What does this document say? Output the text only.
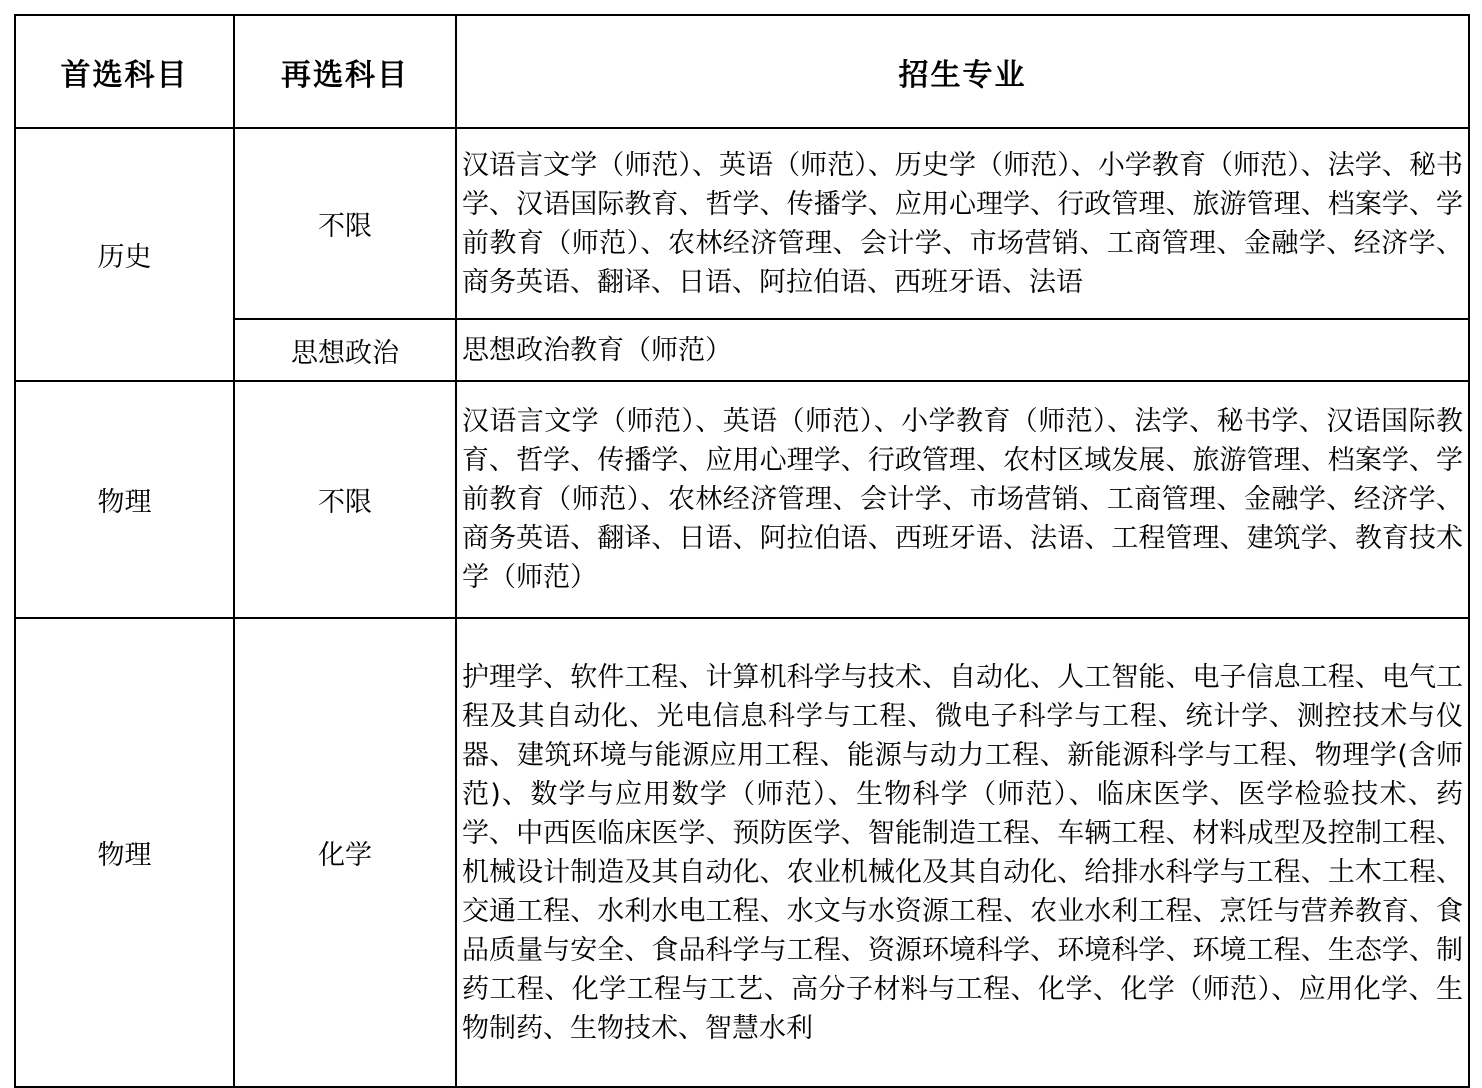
首选科目	再选科目	招生专业
历史	不限	汉语言文学（师范）、英语（师范）、历史学（师范）、小学教育（师范）、法学、秘书学、汉语国际教育、哲学、传播学、应用心理学、行政管理、旅游管理、档案学、学前教育（师范）、农林经济管理、会计学、市场营销、工商管理、金融学、经济学、商务英语、翻译、日语、阿拉伯语、西班牙语、法语
	思想政治	思想政治教育（师范）
物理	不限	汉语言文学（师范）、英语（师范）、小学教育（师范）、法学、秘书学、汉语国际教育、哲学、传播学、应用心理学、行政管理、农村区域发展、旅游管理、档案学、学前教育（师范）、农林经济管理、会计学、市场营销、工商管理、金融学、经济学、商务英语、翻译、日语、阿拉伯语、西班牙语、法语、工程管理、建筑学、教育技术学（师范）
物理	化学	护理学、软件工程、计算机科学与技术、自动化、人工智能、电子信息工程、电气工程及其自动化、光电信息科学与工程、微电子科学与工程、统计学、测控技术与仪器、建筑环境与能源应用工程、能源与动力工程、新能源科学与工程、物理学(含师范)、数学与应用数学（师范）、生物科学（师范）、临床医学、医学检验技术、药学、中西医临床医学、预防医学、智能制造工程、车辆工程、材料成型及控制工程、机械设计制造及其自动化、农业机械化及其自动化、给排水科学与工程、土木工程、交通工程、水利水电工程、水文与水资源工程、农业水利工程、烹饪与营养教育、食品质量与安全、食品科学与工程、资源环境科学、环境科学、环境工程、生态学、制药工程、化学工程与工艺、高分子材料与工程、化学、化学（师范）、应用化学、生物制药、生物技术、智慧水利
